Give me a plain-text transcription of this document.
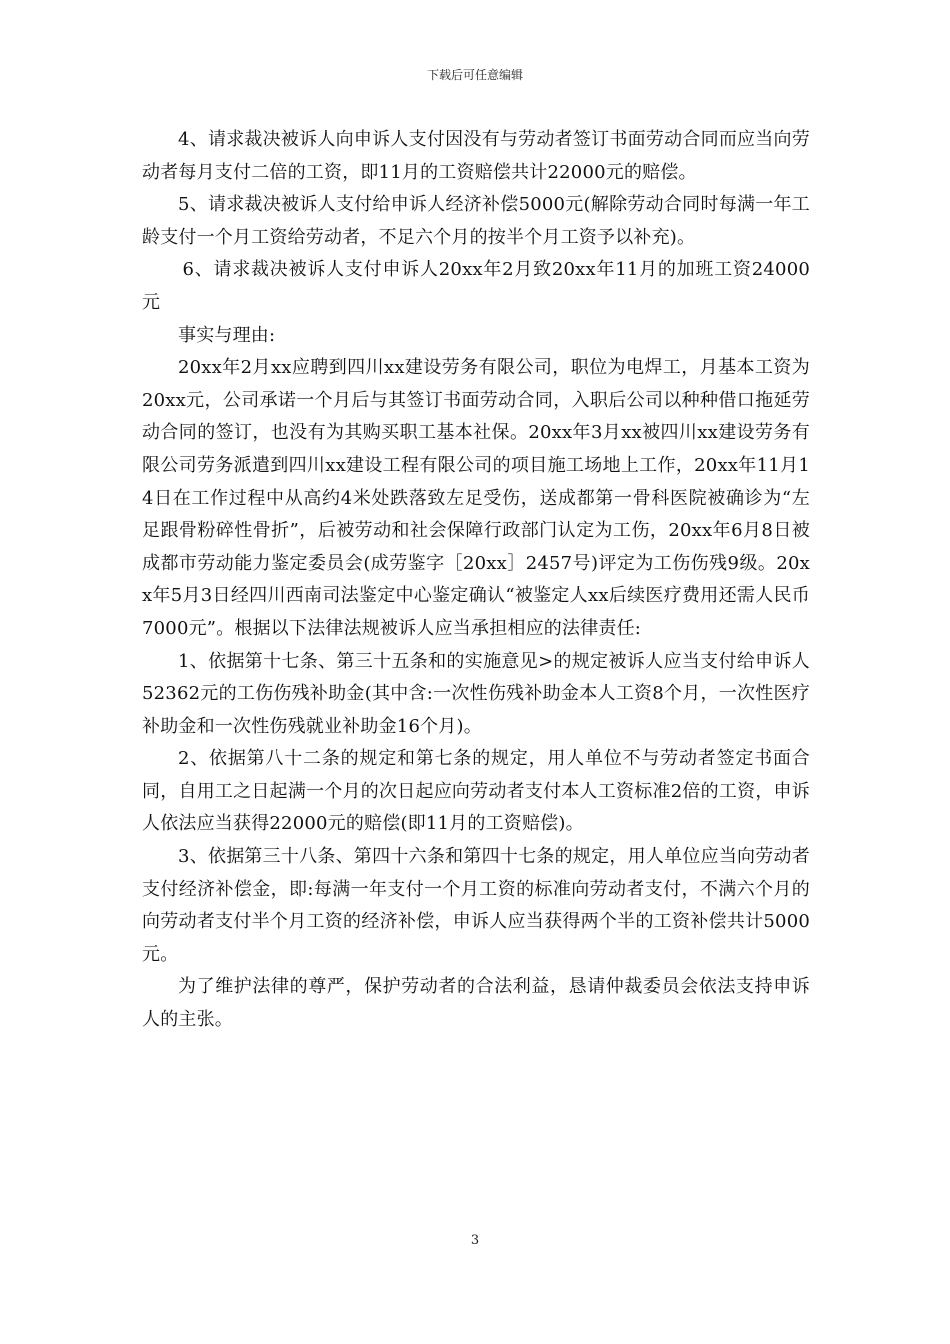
下载后可任意编辑

4、请求裁决被诉人向申诉人支付因没有与劳动者签订书面劳动合同而应当向劳动者每月支付二倍的工资，即11月的工资赔偿共计22000元的赔偿。

5、请求裁决被诉人支付给申诉人经济补偿5000元(解除劳动合同时每满一年工龄支付一个月工资给劳动者，不足六个月的按半个月工资予以补充)。

6、请求裁决被诉人支付申诉人20xx年2月致20xx年11月的加班工资24000元

事实与理由:

20xx年2月xx应聘到四川xx建设劳务有限公司，职位为电焊工，月基本工资为20xx元，公司承诺一个月后与其签订书面劳动合同，入职后公司以种种借口拖延劳动合同的签订，也没有为其购买职工基本社保。20xx年3月xx被四川xx建设劳务有限公司劳务派遣到四川xx建设工程有限公司的项目施工场地上工作，20xx年11月14日在工作过程中从高约4米处跌落致左足受伤，送成都第一骨科医院被确诊为“左足跟骨粉碎性骨折”，后被劳动和社会保障行政部门认定为工伤，20xx年6月8日被成都市劳动能力鉴定委员会(成劳鉴字［20xx］2457号)评定为工伤伤残9级。20xx年5月3日经四川西南司法鉴定中心鉴定确认“被鉴定人xx后续医疗费用还需人民币7000元”。根据以下法律法规被诉人应当承担相应的法律责任:

1、依据第十七条、第三十五条和的实施意见>的规定被诉人应当支付给申诉人52362元的工伤伤残补助金(其中含:一次性伤残补助金本人工资8个月，一次性医疗补助金和一次性伤残就业补助金16个月)。

2、依据第八十二条的规定和第七条的规定，用人单位不与劳动者签定书面合同，自用工之日起满一个月的次日起应向劳动者支付本人工资标准2倍的工资，申诉人依法应当获得22000元的赔偿(即11月的工资赔偿)。

3、依据第三十八条、第四十六条和第四十七条的规定，用人单位应当向劳动者支付经济补偿金，即:每满一年支付一个月工资的标准向劳动者支付，不满六个月的向劳动者支付半个月工资的经济补偿，申诉人应当获得两个半的工资补偿共计5000元。

为了维护法律的尊严，保护劳动者的合法利益，恳请仲裁委员会依法支持申诉人的主张。

3
